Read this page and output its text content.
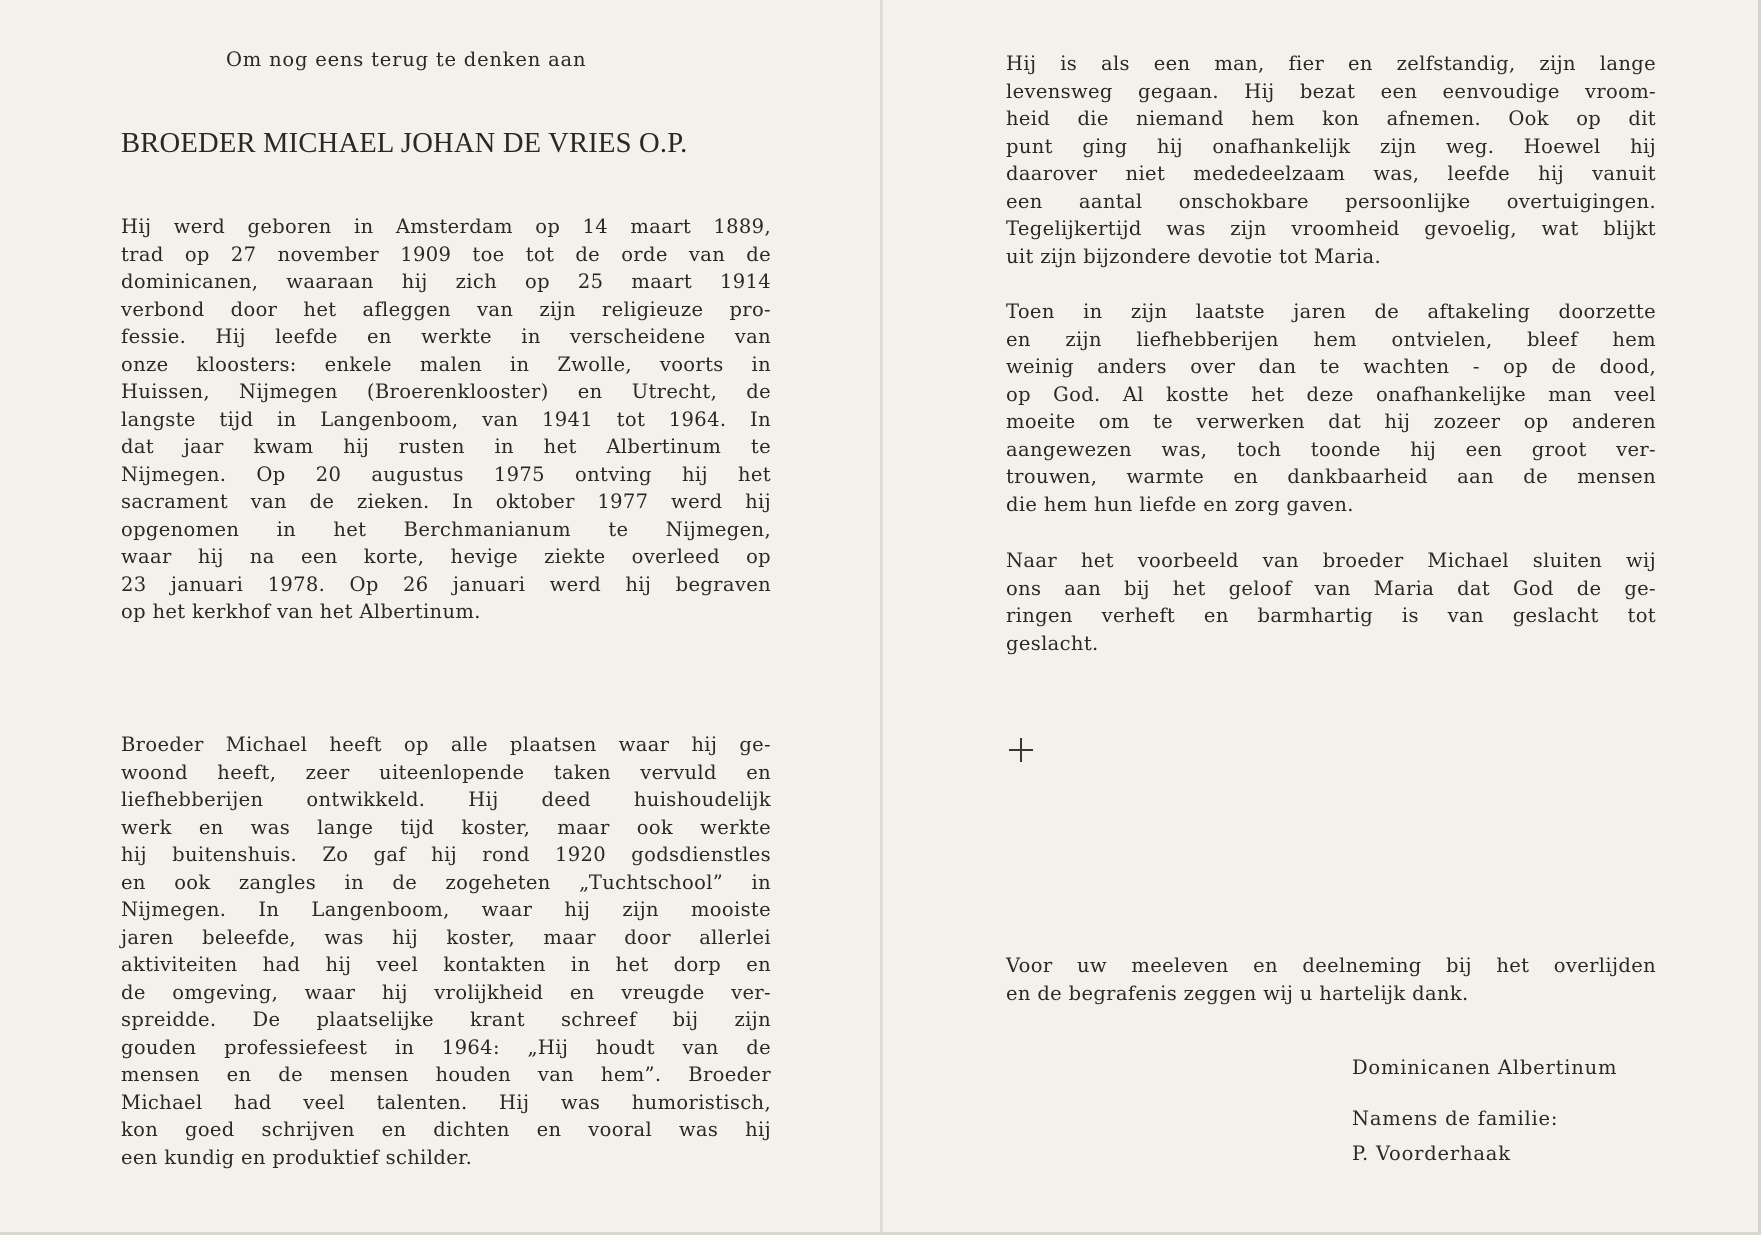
Om nog eens terug te denken aan
BROEDER MICHAEL JOHAN DE VRIES O.P.
Hij werd geboren in Amsterdam op 14 maart 1889,
trad op 27 november 1909 toe tot de orde van de
dominicanen, waaraan hij zich op 25 maart 1914
verbond door het afleggen van zijn religieuze pro-
fessie. Hij leefde en werkte in verscheidene van
onze kloosters: enkele malen in Zwolle, voorts in
Huissen, Nijmegen (Broerenklooster) en Utrecht, de
langste tijd in Langenboom, van 1941 tot 1964. In
dat jaar kwam hij rusten in het Albertinum te
Nijmegen. Op 20 augustus 1975 ontving hij het
sacrament van de zieken. In oktober 1977 werd hij
opgenomen in het Berchmanianum te Nijmegen,
waar hij na een korte, hevige ziekte overleed op
23 januari 1978. Op 26 januari werd hij begraven
op het kerkhof van het Albertinum.
Broeder Michael heeft op alle plaatsen waar hij ge-
woond heeft, zeer uiteenlopende taken vervuld en
liefhebberijen ontwikkeld. Hij deed huishoudelijk
werk en was lange tijd koster, maar ook werkte
hij buitenshuis. Zo gaf hij rond 1920 godsdienstles
en ook zangles in de zogeheten „Tuchtschool” in
Nijmegen. In Langenboom, waar hij zijn mooiste
jaren beleefde, was hij koster, maar door allerlei
aktiviteiten had hij veel kontakten in het dorp en
de omgeving, waar hij vrolijkheid en vreugde ver-
spreidde. De plaatselijke krant schreef bij zijn
gouden professiefeest in 1964: „Hij houdt van de
mensen en de mensen houden van hem”. Broeder
Michael had veel talenten. Hij was humoristisch,
kon goed schrijven en dichten en vooral was hij
een kundig en produktief schilder.
Hij is als een man, fier en zelfstandig, zijn lange
levensweg gegaan. Hij bezat een eenvoudige vroom-
heid die niemand hem kon afnemen. Ook op dit
punt ging hij onafhankelijk zijn weg. Hoewel hij
daarover niet mededeelzaam was, leefde hij vanuit
een aantal onschokbare persoonlijke overtuigingen.
Tegelijkertijd was zijn vroomheid gevoelig, wat blijkt
uit zijn bijzondere devotie tot Maria.
Toen in zijn laatste jaren de aftakeling doorzette
en zijn liefhebberijen hem ontvielen, bleef hem
weinig anders over dan te wachten - op de dood,
op God. Al kostte het deze onafhankelijke man veel
moeite om te verwerken dat hij zozeer op anderen
aangewezen was, toch toonde hij een groot ver-
trouwen, warmte en dankbaarheid aan de mensen
die hem hun liefde en zorg gaven.
Naar het voorbeeld van broeder Michael sluiten wij
ons aan bij het geloof van Maria dat God de ge-
ringen verheft en barmhartig is van geslacht tot
geslacht.
Voor uw meeleven en deelneming bij het overlijden
en de begrafenis zeggen wij u hartelijk dank.
Dominicanen Albertinum
Namens de familie:
P. Voorderhaak
